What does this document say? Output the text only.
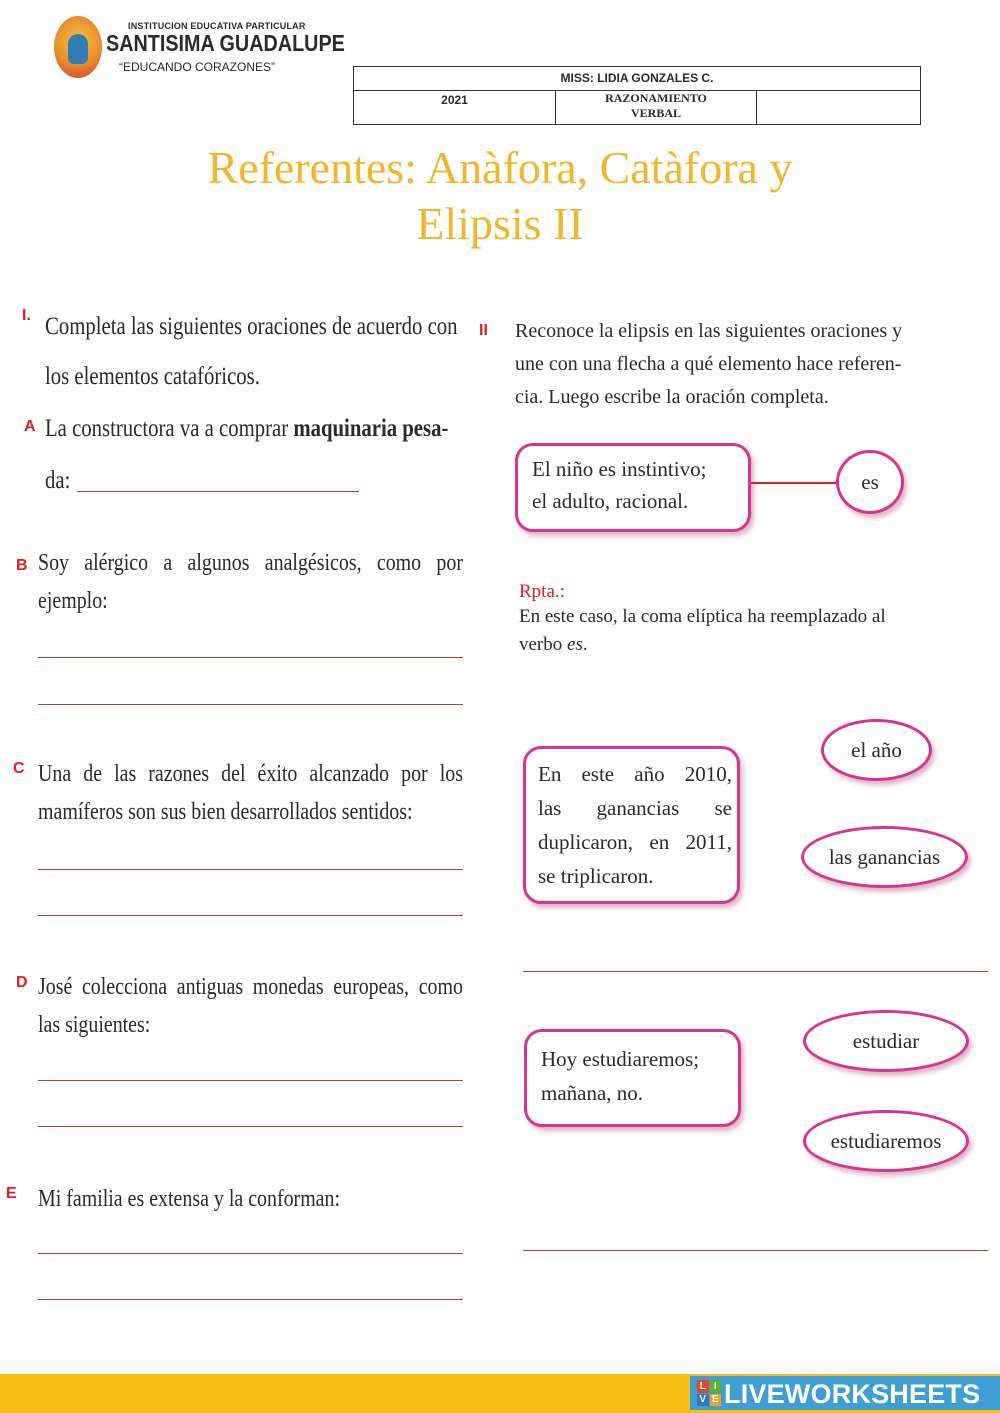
INSTITUCION EDUCATIVA PARTICULAR
SANTISIMA GUADALUPE
“EDUCANDO CORAZONES”
MISS: LIDIA GONZALES C.
2021	RAZONAMIENTO
VERBAL
Referentes: Anàfora, Catàfora y
Elipsis II
I. Completa las siguientes oraciones de acuerdo con
los elementos catafóricos.
A La constructora va a comprar maquinaria pesa-
da:
B Soy alérgico a algunos analgésicos, como por ejemplo:
C Una de las razones del éxito alcanzado por los mamíferos son sus bien desarrollados sentidos:
D José colecciona antiguas monedas europeas, como las siguientes:
E Mi familia es extensa y la conforman:
II Reconoce la elipsis en las siguientes oraciones y
une con una flecha a qué elemento hace referen-
cia. Luego escribe la oración completa.
El niño es instintivo;
el adulto, racional.
es
Rpta.:
En este caso, la coma elíptica ha reemplazado al
verbo es.
En este año 2010,
las ganancias se
duplicaron, en 2011,
se triplicaron.
el año
las ganancias
Hoy estudiaremos;
mañana, no.
estudiar
estudiaremos
L I
V E LIVEWORKSHEETS
